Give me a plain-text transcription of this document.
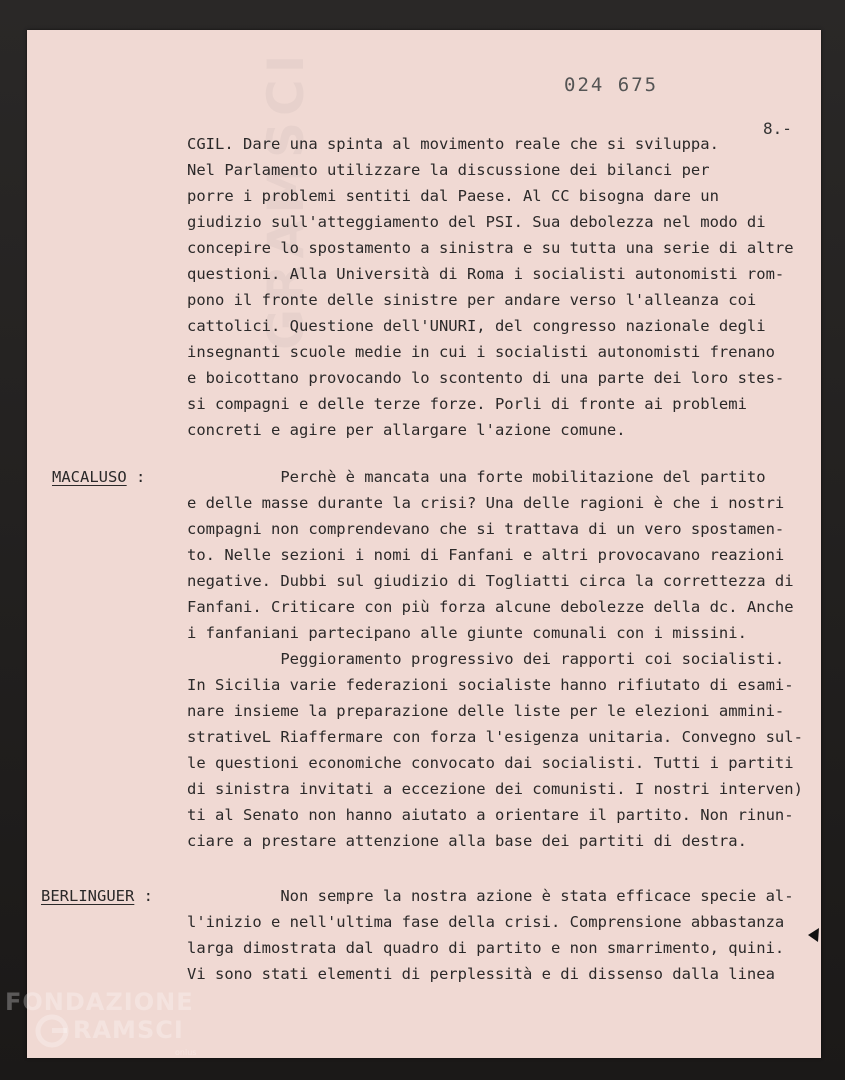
GRAMSCI	024 675
8.-
CGIL. Dare una spinta al movimento reale che si sviluppa.
Nel Parlamento utilizzare la discussione dei bilanci per
porre i problemi sentiti dal Paese. Al CC bisogna dare un
giudizio sull'atteggiamento del PSI. Sua debolezza nel modo di
concepire lo spostamento a sinistra e su tutta una serie di altre
questioni. Alla Università di Roma i socialisti autonomisti rom-
pono il fronte delle sinistre per andare verso l'alleanza coi
cattolici. Questione dell'UNURI, del congresso nazionale degli
insegnanti scuole medie in cui i socialisti autonomisti frenano
e boicottano provocando lo scontento di una parte dei loro stes-
si compagni e delle terze forze. Porli di fronte ai problemi
concreti e agire per allargare l'azione comune.
MACALUSO :	Perchè è mancata una forte mobilitazione del partito
e delle masse durante la crisi? Una delle ragioni è che i nostri
compagni non comprendevano che si trattava di un vero spostamen-
to. Nelle sezioni i nomi di Fanfani e altri provocavano reazioni
negative. Dubbi sul giudizio di Togliatti circa la correttezza di
Fanfani. Criticare con più forza alcune debolezze della dc. Anche
i fanfaniani partecipano alle giunte comunali con i missini.
Peggioramento progressivo dei rapporti coi socialisti.
In Sicilia varie federazioni socialiste hanno rifiutato di esami-
nare insieme la preparazione delle liste per le elezioni ammini-
strativeL Riaffermare con forza l'esigenza unitaria. Convegno sul-
le questioni economiche convocato dai socialisti. Tutti i partiti
di sinistra invitati a eccezione dei comunisti. I nostri interven)
ti al Senato non hanno aiutato a orientare il partito. Non rinun-
ciare a prestare attenzione alla base dei partiti di destra.
BERLINGUER : Non sempre la nostra azione è stata efficace specie al-
l'inizio e nell'ultima fase della crisi. Comprensione abbastanza
larga dimostrata dal quadro di partito e non smarrimento, quini.
Vi sono stati elementi di perplessità e di dissenso dalla linea
FONDAZIONE
RAMSCI
onlus
